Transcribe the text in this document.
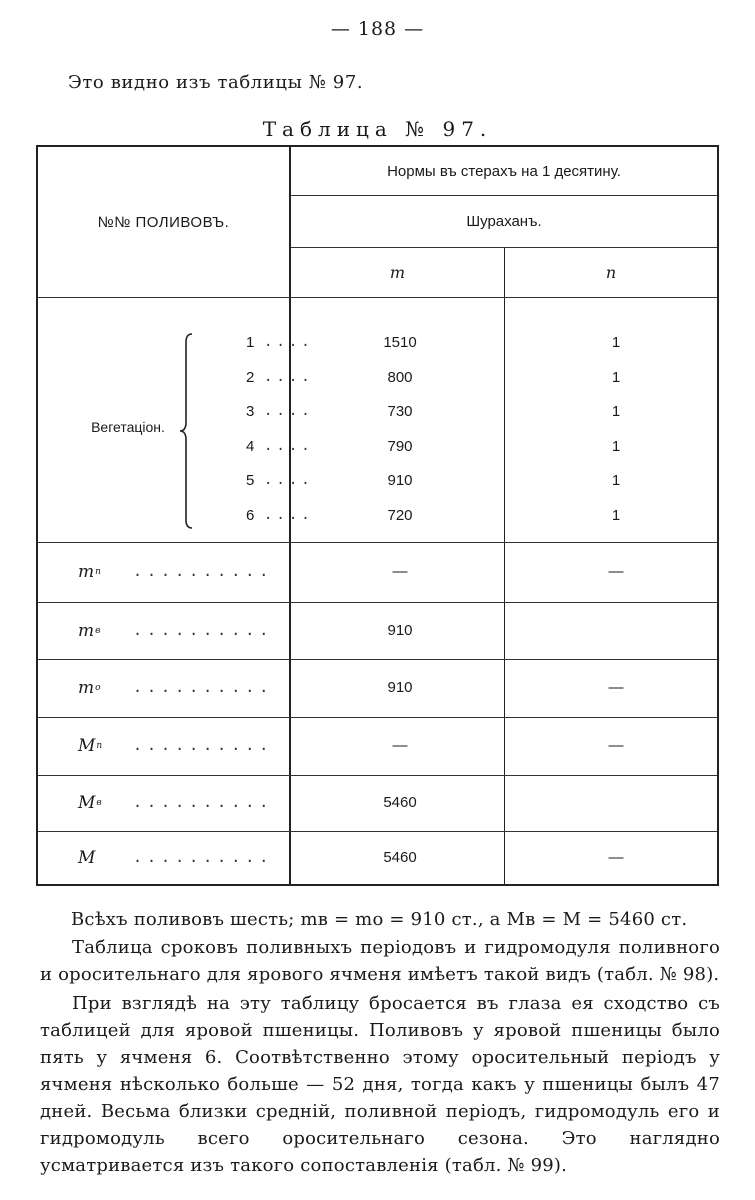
— 188 —
Это видно изъ таблицы № 97.
Таблица № 97.
№№ ПОЛИВОВЪ.
Нормы въ стерахъ на 1 десятину.
Шураханъ.
m	n
Вегетаціон.
1 ....	1510	1
2 ....	800	1
3 ....	730	1
4 ....	790	1
5 ....	910	1
6 ....	720	1
m п ..........	—	—
m в ..........	910
m о ..........	910	—
M п ..........	—	—
M в ..........	5460
M	..........	5460	—
Всѣхъ поливовъ шесть; mв = mо = 910 ст., а Mв = M = 5460 ст.
Таблица сроковъ поливныхъ періодовъ и гидромодуля поливного и оросительнаго для ярового ячменя имѣетъ такой видъ (табл. № 98).
При взглядѣ на эту таблицу бросается въ глаза ея сходство съ таблицей для яровой пшеницы. Поливовъ у яровой пшеницы было пять у ячменя 6. Соотвѣтственно этому оросительный періодъ у ячменя нѣсколько больше — 52 дня, тогда какъ у пшеницы былъ 47 дней. Весьма близки средній, поливной періодъ, гидромодуль его и гидромодуль всего оросительнаго сезона. Это наглядно усматривается изъ такого сопоставленія (табл. № 99).
